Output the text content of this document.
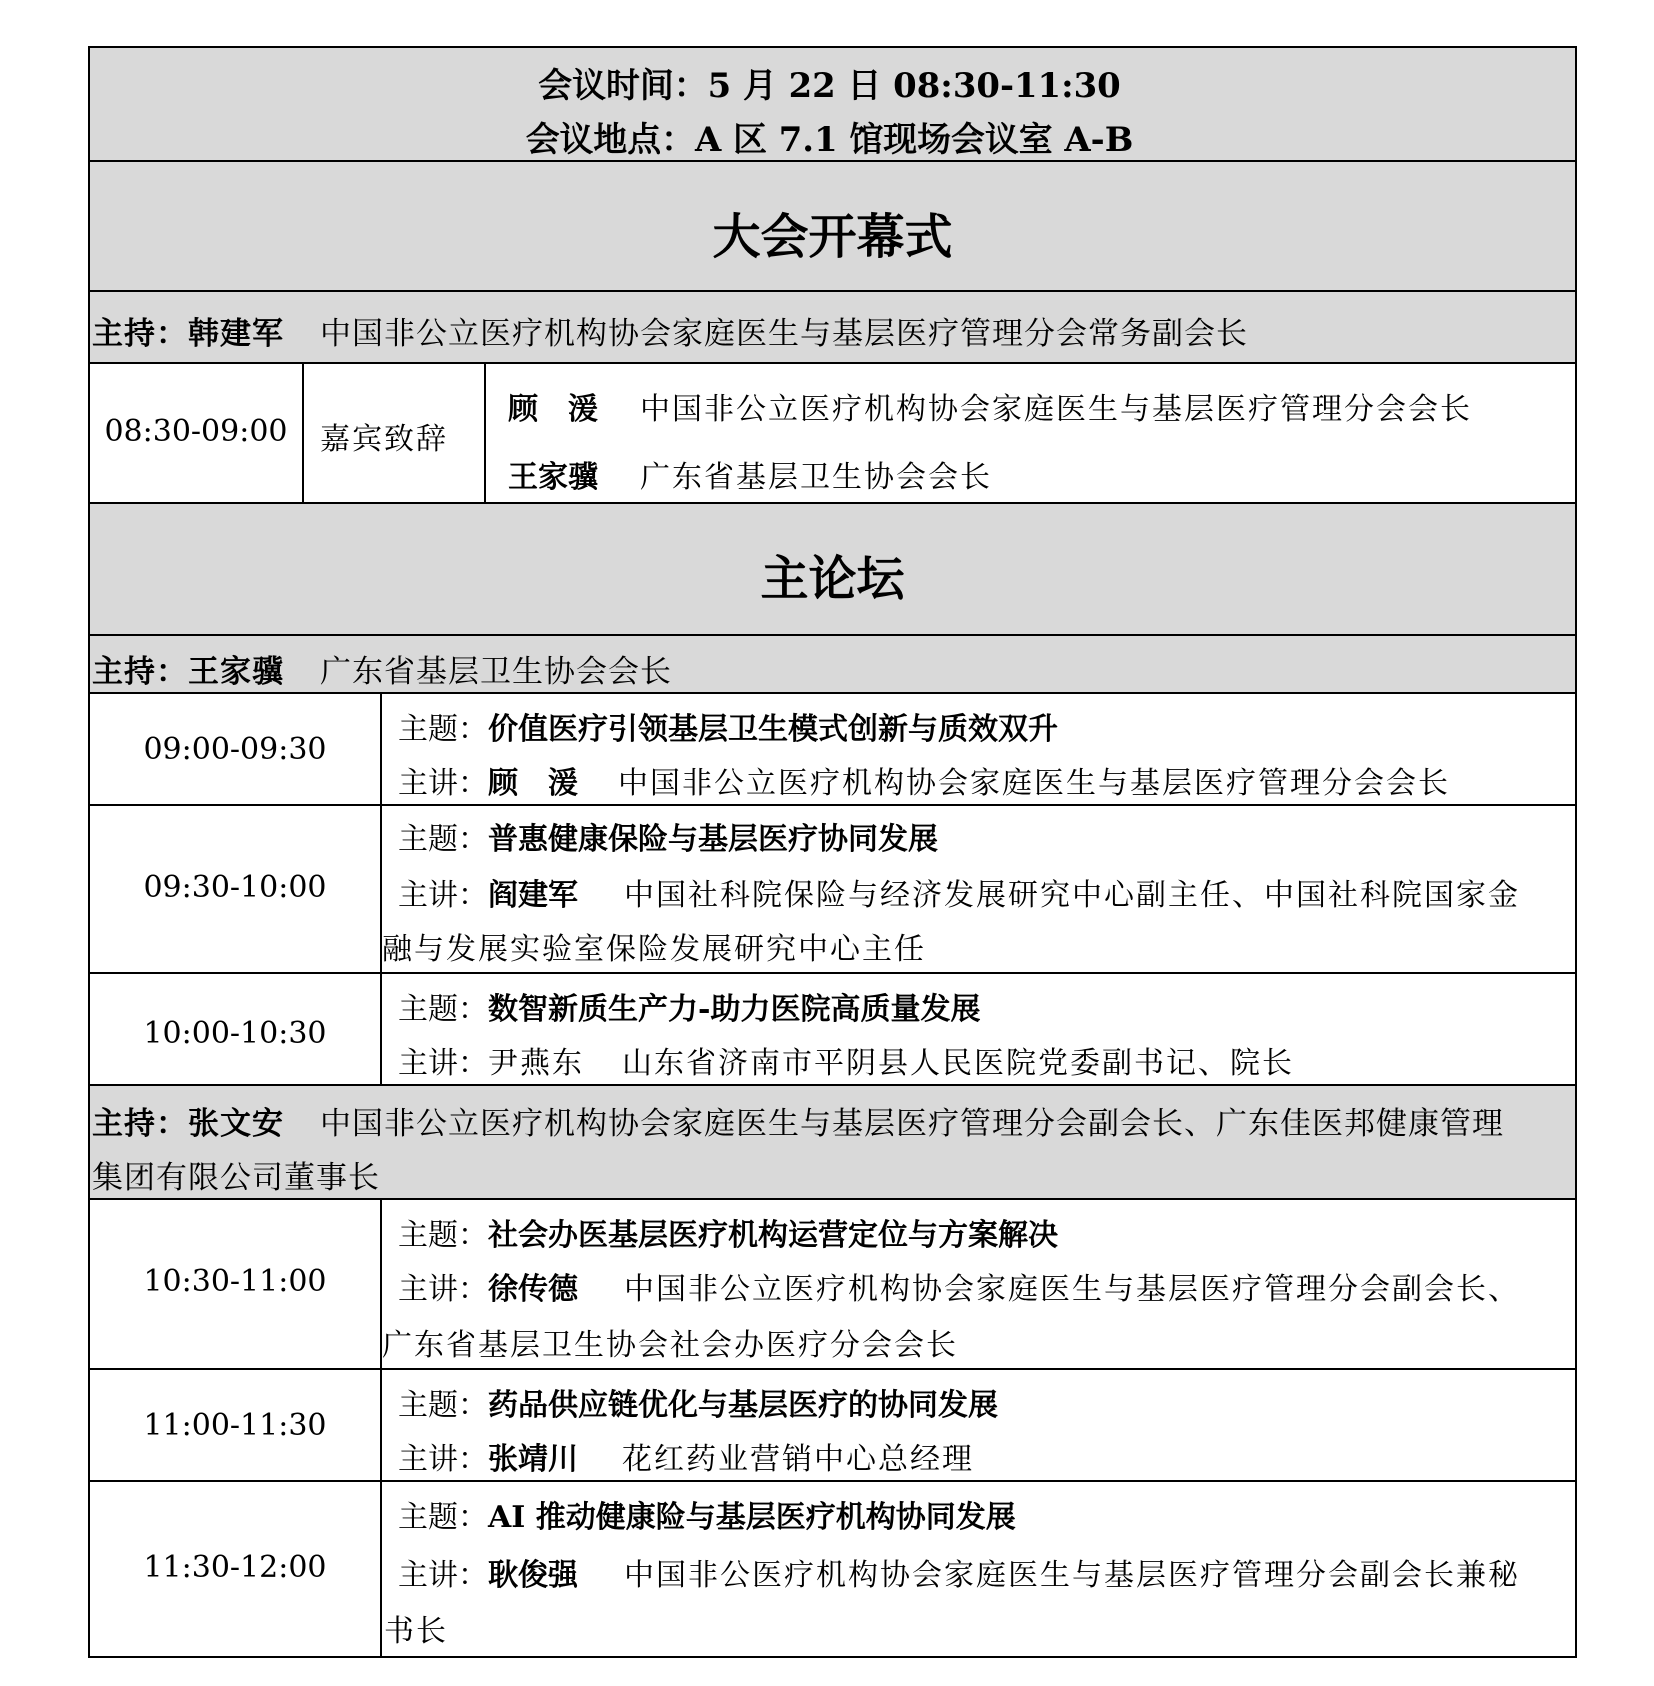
会议时间：5 月 22 日 08:30-11:30
会议地点：A 区 7.1 馆现场会议室 A-B
大会开幕式
主持：韩建军 中国非公立医疗机构协会家庭医生与基层医疗管理分会常务副会长
08:30-09:00	嘉宾致辞
顾　湲 中国非公立医疗机构协会家庭医生与基层医疗管理分会会长
王家骥 广东省基层卫生协会会长
主论坛
主持：王家骥 广东省基层卫生协会会长
09:00-09:30
主题：价值医疗引领基层卫生模式创新与质效双升
主讲：顾　湲 中国非公立医疗机构协会家庭医生与基层医疗管理分会会长
09:30-10:00
主题：普惠健康保险与基层医疗协同发展
主讲：阎建军 中国社科院保险与经济发展研究中心副主任、中国社科院国家金
融与发展实验室保险发展研究中心主任
10:00-10:30
主题：数智新质生产力-助力医院高质量发展
主讲：尹燕东 山东省济南市平阴县人民医院党委副书记、院长
主持：张文安 中国非公立医疗机构协会家庭医生与基层医疗管理分会副会长、广东佳医邦健康管理
集团有限公司董事长
10:30-11:00
主题：社会办医基层医疗机构运营定位与方案解决
主讲：徐传德 中国非公立医疗机构协会家庭医生与基层医疗管理分会副会长、
广东省基层卫生协会社会办医疗分会会长
11:00-11:30
主题：药品供应链优化与基层医疗的协同发展
主讲：张靖川 花红药业营销中心总经理
11:30-12:00
主题：AI 推动健康险与基层医疗机构协同发展
主讲：耿俊强 中国非公医疗机构协会家庭医生与基层医疗管理分会副会长兼秘
书长
